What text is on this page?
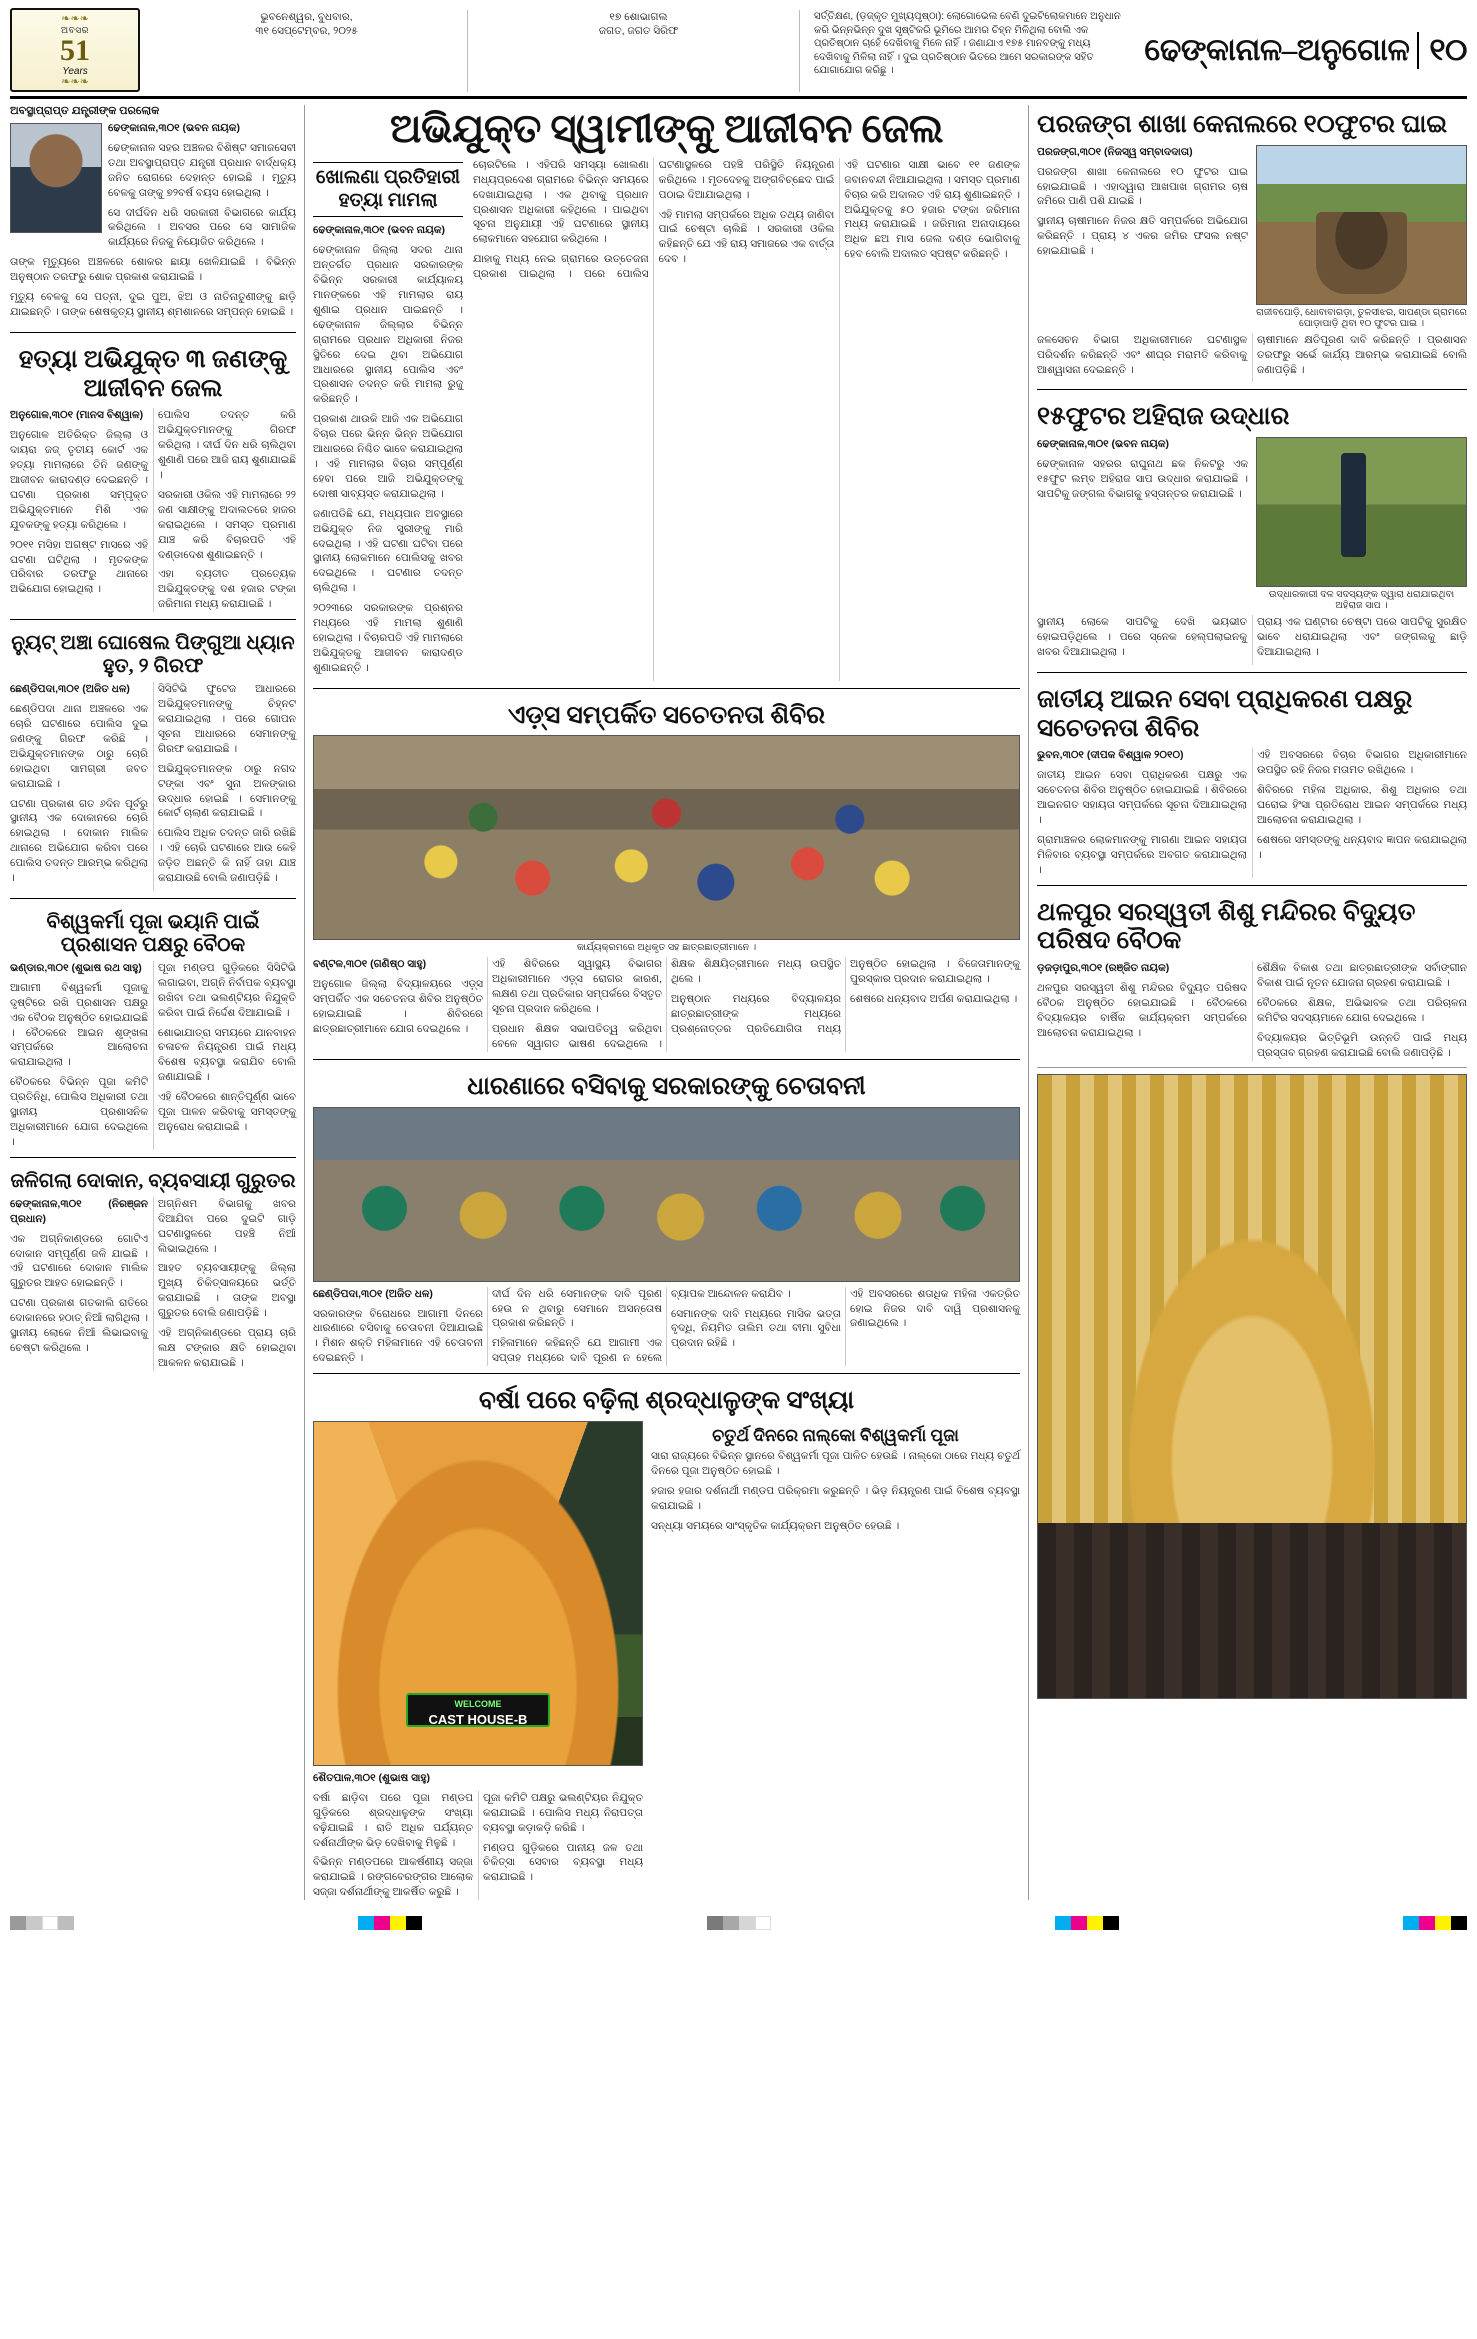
❧❧❧
ଅବସର
51
Years
❧❧❧
ଭୁବନେଶ୍ୱର, ବୁଧବାର,
୩୧ ସେପ୍ଟେମ୍ବର, ୨୦୨୫
୧୭ ଶୋଭାଗଲ
ଜଗତ, ଜଗତ ସିରିଫ
ସର୍ତ୍ତିକ୍ଷଣ, (ଡ଼ଜ୍‌କୃତ ମୁଖ୍ୟପୃଷ୍ଠା): ଲୋଗୋଭେଲ ବେଣି ଦୁଇଟିଲୋକମାନେ ଅନୁଧାନ କରି ଭିନ୍ନଭିନ୍ନ ଦୁଖ ସୃଷ୍ଟିକରି ଭୂମିରେ ଆମର ଚିହ୍ନ ମିଳିଥିଲା ବୋଲି ଏକ ପ୍ରତିଷ୍ଠାନ ଚାହେଁ ଦେଖିବାକୁ ମିଳେ ନାହିଁ । ଜଣାଯାଏ ୧୭୫ ମାନବଙ୍କୁ ମଧ୍ୟ ଦେଖିବାକୁ ମିଳିଲା ନାହିଁ । ଦୁଇ ପ୍ରତିଷ୍ଠାନ ଭିତରେ ଆମେ ସରକାରଙ୍କ ସହିତ ଯୋଗାଯୋଗ କରିଛୁ ।
ଢେଙ୍କାନାଳ–ଅନୁଗୋଳ ୧୦
ଅବସ୍ଥାପ୍ରାପ୍ତ ଯନ୍ତ୍ରୀଙ୍କ ପରଲୋକ
ଢେଙ୍କାନାଳ,୩୦୧ (ଭବନ ନାୟକ)
ଢେଙ୍କାନାଳ ସହର ଅଞ୍ଚଳର ବିଶିଷ୍ଟ ସମାଜସେବୀ ତଥା ଅବସ୍ଥାପ୍ରାପ୍ତ ଯନ୍ତ୍ରୀ ପ୍ରଧାନ ବାର୍ଦ୍ଧକ୍ୟ ଜନିତ ରୋଗରେ ଦେହାନ୍ତ ହୋଇଛି । ମୃତ୍ୟୁ ବେଳକୁ ତାଙ୍କୁ ୭୨ବର୍ଷ ବୟସ ହୋଇଥିଲା ।
ସେ ଦୀର୍ଘଦିନ ଧରି ସରକାରୀ ବିଭାଗରେ କାର୍ଯ୍ୟ କରିଥିଲେ । ଅବସର ପରେ ସେ ସାମାଜିକ କାର୍ଯ୍ୟରେ ନିଜକୁ ନିୟୋଜିତ କରିଥିଲେ ।
ତାଙ୍କ ମୃତ୍ୟୁରେ ଅଞ୍ଚଳରେ ଶୋକର ଛାୟା ଖେଳିଯାଇଛି । ବିଭିନ୍ନ ଅନୁଷ୍ଠାନ ତରଫରୁ ଶୋକ ପ୍ରକାଶ କରାଯାଇଛି ।
ମୃତ୍ୟୁ ବେଳକୁ ସେ ପତ୍ନୀ, ଦୁଇ ପୁଅ, ଝିଅ ଓ ନାତିନାତୁଣୀଙ୍କୁ ଛାଡ଼ି ଯାଇଛନ୍ତି । ତାଙ୍କ ଶେଷକୃତ୍ୟ ସ୍ଥାନୀୟ ଶ୍ମଶାନରେ ସମ୍ପନ୍ନ ହୋଇଛି ।
ହତ୍ୟା ଅଭିଯୁକ୍ତ ୩ ଜଣଙ୍କୁ ଆଜୀବନ ଜେଲ
ଅନୁଗୋଳ,୩୦୧ (ମାନସ ବିଶ୍ୱାଳ)
ଅନୁଗୋଳ ଅତିରିକ୍ତ ଜିଲ୍ଲା ଓ ଦାୟରା ଜଜ୍‌ ତୃତୀୟ କୋର୍ଟ ଏକ ହତ୍ୟା ମାମଲାରେ ତିନି ଜଣଙ୍କୁ ଆଜୀବନ କାରାଦଣ୍ଡ ଦେଇଛନ୍ତି । ଘଟଣା ପ୍ରକାଶ ସମ୍ପୃକ୍ତ ଅଭିଯୁକ୍ତମାନେ ମିଶି ଏକ ଯୁବକଙ୍କୁ ହତ୍ୟା କରିଥିଲେ ।
୨୦୧୧ ମସିହା ଅଗଷ୍ଟ ମାସରେ ଏହି ଘଟଣା ଘଟିଥିଲା । ମୃତକଙ୍କ ପରିବାର ତରଫରୁ ଥାନାରେ ଅଭିଯୋଗ ହୋଇଥିଲା ।
ପୋଲିସ ତଦନ୍ତ କରି ଅଭିଯୁକ୍ତମାନଙ୍କୁ ଗିରଫ କରିଥିଲା । ଦୀର୍ଘ ଦିନ ଧରି ଚାଲିଥିବା ଶୁଣାଣି ପରେ ଆଜି ରାୟ ଶୁଣାଯାଇଛି ।
ସରକାରୀ ଓକିଲ ଏହି ମାମଲାରେ ୨୨ ଜଣ ସାକ୍ଷୀଙ୍କୁ ଅଦାଲତରେ ହାଜର କରାଇଥିଲେ । ସମସ୍ତ ପ୍ରମାଣ ଯାଞ୍ଚ କରି ବିଚାରପତି ଏହି ଦଣ୍ଡାଦେଶ ଶୁଣାଇଛନ୍ତି ।
ଏହା ବ୍ୟତୀତ ପ୍ରତ୍ୟେକ ଅଭିଯୁକ୍ତଙ୍କୁ ଦଶ ହଜାର ଟଙ୍କା ଜରିମାନା ମଧ୍ୟ କରାଯାଇଛି ।
ନ୍ୟୁଟ୍ ଅଞ୍ଚା ଘୋଷେଲ ପିଙ୍ଗୁଆ ଧ୍ୟାନ ହୁତ, ୨ ଗିରଫ
ଛେଣ୍ଡିପଦା,୩୦୧ (ଅଜିତ ଧଳ)
ଛେଣ୍ଡିପଦା ଥାନା ଅଞ୍ଚଳରେ ଏକ ଚୋରି ଘଟଣାରେ ପୋଲିସ ଦୁଇ ଜଣଙ୍କୁ ଗିରଫ କରିଛି । ଅଭିଯୁକ୍ତମାନଙ୍କ ଠାରୁ ଚୋରି ହୋଇଥିବା ସାମଗ୍ରୀ ଜବତ କରାଯାଇଛି ।
ଘଟଣା ପ୍ରକାଶ ଗତ ୬ଦିନ ପୂର୍ବରୁ ସ୍ଥାନୀୟ ଏକ ଦୋକାନରେ ଚୋରି ହୋଇଥିଲା । ଦୋକାନ ମାଲିକ ଥାନାରେ ଅଭିଯୋଗ କରିବା ପରେ ପୋଲିସ ତଦନ୍ତ ଆରମ୍ଭ କରିଥିଲା ।
ସିସିଟିଭି ଫୁଟେଜ ଆଧାରରେ ଅଭିଯୁକ୍ତମାନଙ୍କୁ ଚିହ୍ନଟ କରାଯାଇଥିଲା । ପରେ ଗୋପନ ସୂଚନା ଆଧାରରେ ସେମାନଙ୍କୁ ଗିରଫ କରାଯାଇଛି ।
ଅଭିଯୁକ୍ତମାନଙ୍କ ଠାରୁ ନଗଦ ଟଙ୍କା ଏବଂ ସୁନା ଅଳଙ୍କାର ଉଦ୍ଧାର ହୋଇଛି । ସେମାନଙ୍କୁ କୋର୍ଟ ଚାଲାଣ କରାଯାଇଛି ।
ପୋଲିସ ଅଧିକ ତଦନ୍ତ ଜାରି ରଖିଛି । ଏହି ଚୋରି ଘଟଣାରେ ଆଉ କେହି ଜଡ଼ିତ ଅଛନ୍ତି କି ନାହିଁ ତାହା ଯାଞ୍ଚ କରାଯାଉଛି ବୋଲି ଜଣାପଡ଼ିଛି ।
ବିଶ୍ୱକର୍ମା ପୂଜା ଭୟାନି ପାଇଁ ପ୍ରଶାସନ ପକ୍ଷରୁ ବୈଠକ
ଭଣ୍ଡାର,୩୦୧ (ଶୁଭାଷ ରଥ ସାହୁ)
ଆଗାମୀ ବିଶ୍ୱକର୍ମା ପୂଜାକୁ ଦୃଷ୍ଟିରେ ରଖି ପ୍ରଶାସନ ପକ୍ଷରୁ ଏକ ବୈଠକ ଅନୁଷ୍ଠିତ ହୋଇଯାଇଛି । ବୈଠକରେ ଆଇନ ଶୃଙ୍ଖଳା ସମ୍ପର୍କରେ ଆଲୋଚନା କରାଯାଇଥିଲା ।
ବୈଠକରେ ବିଭିନ୍ନ ପୂଜା କମିଟି ପ୍ରତିନିଧି, ପୋଲିସ ଅଧିକାରୀ ତଥା ସ୍ଥାନୀୟ ପ୍ରଶାସନିକ ଅଧିକାରୀମାନେ ଯୋଗ ଦେଇଥିଲେ ।
ପୂଜା ମଣ୍ଡପ ଗୁଡ଼ିକରେ ସିସିଟିଭି ଲଗାଇବା, ଅଗ୍ନି ନିର୍ବାପକ ବ୍ୟବସ୍ଥା ରଖିବା ତଥା ଭଲଣ୍ଟିୟର ନିଯୁକ୍ତି କରିବା ପାଇଁ ନିର୍ଦ୍ଦେଶ ଦିଆଯାଇଛି ।
ଶୋଭାଯାତ୍ରା ସମୟରେ ଯାନବାହନ ଚଳାଚଳ ନିୟନ୍ତ୍ରଣ ପାଇଁ ମଧ୍ୟ ବିଶେଷ ବ୍ୟବସ୍ଥା କରାଯିବ ବୋଲି ଜଣାଯାଇଛି ।
ଏହି ବୈଠକରେ ଶାନ୍ତିପୂର୍ଣ୍ଣ ଭାବେ ପୂଜା ପାଳନ କରିବାକୁ ସମସ୍ତଙ୍କୁ ଅନୁରୋଧ କରାଯାଇଛି ।
ଜଳିଗଲା ଦୋକାନ, ବ୍ୟବସାୟୀ ଗୁରୁତର
ଢେଙ୍କାନାଳ,୩୦୧ (ନିରଞ୍ଜନ ପ୍ରଧାନ)
ଏକ ଅଗ୍ନିକାଣ୍ଡରେ ଗୋଟିଏ ଦୋକାନ ସମ୍ପୂର୍ଣ୍ଣ ଜଳି ଯାଇଛି । ଏହି ଘଟଣାରେ ଦୋକାନ ମାଲିକ ଗୁରୁତର ଆହତ ହୋଇଛନ୍ତି ।
ଘଟଣା ପ୍ରକାଶ ଗତକାଲି ରାତିରେ ଦୋକାନରେ ହଠାତ୍‌ ନିଆଁ ଲାଗିଥିଲା । ସ୍ଥାନୀୟ ଲୋକେ ନିଆଁ ଲିଭାଇବାକୁ ଚେଷ୍ଟା କରିଥିଲେ ।
ଅଗ୍ନିଶମ ବିଭାଗକୁ ଖବର ଦିଆଯିବା ପରେ ଦୁଇଟି ଗାଡ଼ି ଘଟଣାସ୍ଥଳରେ ପହଞ୍ଚି ନିଆଁ ଲିଭାଇଥିଲେ ।
ଆହତ ବ୍ୟବସାୟୀଙ୍କୁ ଜିଲ୍ଲା ମୁଖ୍ୟ ଚିକିତ୍ସାଳୟରେ ଭର୍ତ୍ତି କରାଯାଇଛି । ତାଙ୍କ ଅବସ୍ଥା ଗୁରୁତର ବୋଲି ଜଣାପଡ଼ିଛି ।
ଏହି ଅଗ୍ନିକାଣ୍ଡରେ ପ୍ରାୟ ଚାରି ଲକ୍ଷ ଟଙ୍କାର କ୍ଷତି ହୋଇଥିବା ଆକଳନ କରାଯାଇଛି ।
ଅଭିଯୁକ୍ତ ସ୍ୱାମୀଙ୍କୁ ଆଜୀବନ ଜେଲ
ଖୋଲଣା ପ୍ରତିହାରୀ ହତ୍ୟା ମାମଲା
ଢେଙ୍କାନାଳ,୩୦୧ (ଭବନ ନାୟକ)
ଢେଙ୍କାନାଳ ଜିଲ୍ଲା ସଦର ଥାନା ଅନ୍ତର୍ଗତ ପ୍ରଧାନ ସରକାରଙ୍କ ବିଭିନ୍ନ ସରକାରୀ କାର୍ଯ୍ୟାଳୟ ମାନଙ୍କରେ ଏହି ମାମଲାର ରାୟ ଶୁଣାଇ ପ୍ରଧାନ ପାଇଛନ୍ତି । ଢେଙ୍କାନାଳ ଜିଲ୍ଲାର ବିଭିନ୍ନ ଗ୍ରାମରେ ପ୍ରଧାନ ଅଧିକାରୀ ନିଜର ସ୍ଥିତିରେ ଦେଇ ଥିବା ଅଭିଯୋଗ ଆଧାରରେ ସ୍ଥାନୀୟ ପୋଲିସ ଏବଂ ପ୍ରଶାସନ ତଦନ୍ତ କରି ମାମଲା ରୁଜୁ କରିଛନ୍ତି ।
ପ୍ରକାଶ ଥାଉକି ଆଜି ଏକ ଅଭିଯୋଗ ବିଚାର ପରେ ଭିନ୍ନ ଭିନ୍ନ ଅଭିଯୋଗ ଆଧାରରେ ନିଶ୍ଚିତ ଭାବେ କରାଯାଇଥିଲା । ଏହି ମାମଲାର ବିଚାର ସମ୍ପୂର୍ଣ୍ଣ ହେବା ପରେ ଆଜି ଅଭିଯୁକ୍ତଙ୍କୁ ଦୋଷୀ ସାବ୍ୟସ୍ତ କରାଯାଇଥିଲା ।
ଜଣାପଡିଛି ଯେ, ମଧ୍ୟପାନ ଅବସ୍ଥାରେ ଅଭିଯୁକ୍ତ ନିଜ ସ୍ତ୍ରୀଙ୍କୁ ମାରି ଦେଇଥିଲା । ଏହି ଘଟଣା ଘଟିବା ପରେ ସ୍ଥାନୀୟ ଲୋକମାନେ ପୋଲିସକୁ ଖବର ଦେଇଥିଲେ । ଘଟଣାର ତଦନ୍ତ ଚାଲିଥିଲା ।
୨୦୨୩ରେ ସରକାରଙ୍କ ପ୍ରଶ୍ନର ମଧ୍ୟରେ ଏହି ମାମଲା ଶୁଣାଣି ହୋଇଥିଲା । ବିଚାରପତି ଏହି ମାମଲାରେ ଅଭିଯୁକ୍ତକୁ ଆଜୀବନ କାରାଦଣ୍ଡ ଶୁଣାଇଛନ୍ତି ।
ଚୋରଟିଲେ । ଏହିପରି ସମସ୍ୟା ଖୋଲଣା ମଧ୍ୟପ୍ରଦେଶ ଗ୍ରାମରେ ବିଭିନ୍ନ ସମୟରେ ଦେଖାଯାଇଥିଲା । ଏକ ଥିବାକୁ ପ୍ରଧାନ ପ୍ରଶାସନ ଅଧିକାରୀ କହିଥିଲେ । ପାଇଥିବା ସୂଚନା ଅନୁଯାୟୀ ଏହି ଘଟଣାରେ ସ୍ଥାନୀୟ ଲୋକମାନେ ସହଯୋଗ କରିଥିଲେ ।
ଯାହାକୁ ମଧ୍ୟ ନେଇ ଗ୍ରାମରେ ଉତ୍ତେଜନା ପ୍ରକାଶ ପାଇଥିଲା । ପରେ ପୋଲିସ ଘଟଣାସ୍ଥଳରେ ପହଞ୍ଚି ପରିସ୍ଥିତି ନିୟନ୍ତ୍ରଣ କରିଥିଲେ । ମୃତଦେହକୁ ଅଙ୍ଗବିଚ୍ଛେଦ ପାଇଁ ପଠାଇ ଦିଆଯାଇଥିଲା ।
ଏହି ମାମଲା ସମ୍ପର୍କରେ ଅଧିକ ତଥ୍ୟ ଜାଣିବା ପାଇଁ ଚେଷ୍ଟା ଚାଲିଛି । ସରକାରୀ ଓକିଲ କହିଛନ୍ତି ଯେ ଏହି ରାୟ ସମାଜରେ ଏକ ବାର୍ତ୍ତା ଦେବ ।
ଏହି ଘଟଣାର ସାକ୍ଷୀ ଭାବେ ୧୧ ଜଣଙ୍କ ଜବାନବନ୍ଦୀ ନିଆଯାଇଥିଲା । ସମସ୍ତ ପ୍ରମାଣ ବିଚାର କରି ଅଦାଲତ ଏହି ରାୟ ଶୁଣାଇଛନ୍ତି । ଅଭିଯୁକ୍ତକୁ ୫୦ ହଜାର ଟଙ୍କା ଜରିମାନା ମଧ୍ୟ କରାଯାଇଛି । ଜରିମାନା ଅନାଦାୟରେ ଅଧିକ ଛଅ ମାସ ଜେଲ ଦଣ୍ଡ ଭୋଗିବାକୁ ହେବ ବୋଲି ଅଦାଲତ ସ୍ପଷ୍ଟ କରିଛନ୍ତି ।
ଏଡ଼୍‌ସ ସମ୍ପର୍କିତ ସଚେତନତା ଶିବିର
କାର୍ଯ୍ୟକ୍ରମରେ ଅଧିକୃତ ସହ ଛାତ୍ରଛାତ୍ରୀମାନେ ।
ବଣ୍ଟଳ,୩୦୧ (ଗଣିଷ୍ଠ ସାହୁ)
ଅନୁଗୋଳ ଜିଲ୍ଲା ବିଦ୍ୟାଳୟରେ ଏଡ଼୍‌ସ ସମ୍ପର୍କିତ ଏକ ସଚେତନତା ଶିବିର ଅନୁଷ୍ଠିତ ହୋଇଯାଇଛି । ଶିବିରରେ ଛାତ୍ରଛାତ୍ରୀମାନେ ଯୋଗ ଦେଇଥିଲେ ।
ଏହି ଶିବିରରେ ସ୍ୱାସ୍ଥ୍ୟ ବିଭାଗର ଅଧିକାରୀମାନେ ଏଡ଼୍‌ସ ରୋଗର କାରଣ, ଲକ୍ଷଣ ତଥା ପ୍ରତିକାର ସମ୍ପର୍କରେ ବିସ୍ତୃତ ସୂଚନା ପ୍ରଦାନ କରିଥିଲେ ।
ପ୍ରଧାନ ଶିକ୍ଷକ ସଭାପତିତ୍ୱ କରିଥିବା ବେଳେ ସ୍ୱାଗତ ଭାଷଣ ଦେଇଥିଲେ । ଶିକ୍ଷକ ଶିକ୍ଷୟିତ୍ରୀମାନେ ମଧ୍ୟ ଉପସ୍ଥିତ ଥିଲେ ।
ଅନୁଷ୍ଠାନ ମଧ୍ୟରେ ବିଦ୍ୟାଳୟର ଛାତ୍ରଛାତ୍ରୀଙ୍କ ମଧ୍ୟରେ ପ୍ରଶ୍ନୋତ୍ତର ପ୍ରତିଯୋଗିତା ମଧ୍ୟ ଅନୁଷ୍ଠିତ ହୋଇଥିଲା । ବିଜେତାମାନଙ୍କୁ ପୁରସ୍କାର ପ୍ରଦାନ କରାଯାଇଥିଲା ।
ଶେଷରେ ଧନ୍ୟବାଦ ଅର୍ପଣ କରାଯାଇଥିଲା ।
ଧାରଣାରେ ବସିବାକୁ ସରକାରଙ୍କୁ ଚେତାବନୀ
ଛେଣ୍ଡିପଦା,୩୦୧ (ଅଜିତ ଧଳ)
ସରକାରଙ୍କ ବିରୋଧରେ ଆଗାମୀ ଦିନରେ ଧାରଣାରେ ବସିବାକୁ ଚେତାବନୀ ଦିଆଯାଇଛି । ମିଶନ ଶକ୍ତି ମହିଳାମାନେ ଏହି ଚେତାବନୀ ଦେଇଛନ୍ତି ।
ଦୀର୍ଘ ଦିନ ଧରି ସେମାନଙ୍କ ଦାବି ପୂରଣ ହେଉ ନ ଥିବାରୁ ସେମାନେ ଅସନ୍ତୋଷ ପ୍ରକାଶ କରିଛନ୍ତି ।
ମହିଳାମାନେ କହିଛନ୍ତି ଯେ ଆଗାମୀ ଏକ ସପ୍ତାହ ମଧ୍ୟରେ ଦାବି ପୂରଣ ନ ହେଲେ ବ୍ୟାପକ ଆନ୍ଦୋଳନ କରାଯିବ ।
ସେମାନଙ୍କ ଦାବି ମଧ୍ୟରେ ମାସିକ ଭତ୍ତା ବୃଦ୍ଧି, ନିୟମିତ ତାଲିମ ତଥା ବୀମା ସୁବିଧା ପ୍ରଦାନ ରହିଛି ।
ଏହି ଅବସରରେ ଶତାଧିକ ମହିଳା ଏକତ୍ରିତ ହୋଇ ନିଜର ଦାବି ଦାୱି ପ୍ରଶାସନକୁ ଜଣାଇଥିଲେ ।
ବର୍ଷା ପରେ ବଢ଼ିଲା ଶ୍ରଦ୍ଧାଳୁଙ୍କ ସଂଖ୍ୟା
WELCOME
CAST HOUSE-B
ଶୈତପାଳ,୩୦୧ (ଶୁଭାଷ ସାହୁ)
ବର୍ଷା ଛାଡ଼ିବା ପରେ ପୂଜା ମଣ୍ଡପ ଗୁଡ଼ିକରେ ଶ୍ରଦ୍ଧାଳୁଙ୍କ ସଂଖ୍ୟା ବଢ଼ିଯାଇଛି । ରାତି ଅଧିକ ପର୍ଯ୍ୟନ୍ତ ଦର୍ଶନାର୍ଥୀଙ୍କ ଭିଡ଼ ଦେଖିବାକୁ ମିଳୁଛି ।
ବିଭିନ୍ନ ମଣ୍ଡପରେ ଆକର୍ଷଣୀୟ ସଜ୍ଜା କରାଯାଇଛି । ରଙ୍ଗବେରଙ୍ଗର ଆଲୋକ ସଜ୍ଜା ଦର୍ଶନାର୍ଥୀଙ୍କୁ ଆକର୍ଷିତ କରୁଛି ।
ପୂଜା କମିଟି ପକ୍ଷରୁ ଭଲଣ୍ଟିୟର ନିଯୁକ୍ତ କରାଯାଇଛି । ପୋଲିସ ମଧ୍ୟ ନିରାପତ୍ତା ବ୍ୟବସ୍ଥା କଡ଼ାକଡ଼ି କରିଛି ।
ମଣ୍ଡପ ଗୁଡ଼ିକରେ ପାନୀୟ ଜଳ ତଥା ଚିକିତ୍ସା ସେବାର ବ୍ୟବସ୍ଥା ମଧ୍ୟ କରାଯାଇଛି ।
ଚତୁର୍ଥ ଦିନରେ ନାଲ୍‌କୋ ବିଶ୍ୱକର୍ମା ପୂଜା
ସାରା ରାଜ୍ୟରେ ବିଭିନ୍ନ ସ୍ଥାନରେ ବିଶ୍ୱକର୍ମା ପୂଜା ପାଳିତ ହେଉଛି । ନାଲ୍‌କୋ ଠାରେ ମଧ୍ୟ ଚତୁର୍ଥ ଦିନରେ ପୂଜା ଅନୁଷ୍ଠିତ ହୋଇଛି ।
ହଜାର ହଜାର ଦର୍ଶନାର୍ଥୀ ମଣ୍ଡପ ପରିକ୍ରମା କରୁଛନ୍ତି । ଭିଡ଼ ନିୟନ୍ତ୍ରଣ ପାଇଁ ବିଶେଷ ବ୍ୟବସ୍ଥା କରାଯାଇଛି ।
ସନ୍ଧ୍ୟା ସମୟରେ ସାଂସ୍କୃତିକ କାର୍ଯ୍ୟକ୍ରମ ଅନୁଷ୍ଠିତ ହେଉଛି ।
ପରଜଙ୍ଗ ଶାଖା କେନାଲରେ ୧୦ଫୁଟର ଘାଇ
ପରଜଙ୍ଗ,୩୦୧ (ନିଜସ୍ୱ ସମ୍ବାଦଦାତା)
ପରଜଙ୍ଗ ଶାଖା କେନାଲରେ ୧୦ ଫୁଟର ଘାଇ ହୋଇଯାଇଛି । ଏହାଦ୍ୱାରା ଆଖପାଖ ଗ୍ରାମର ଚାଷ ଜମିରେ ପାଣି ପଶି ଯାଇଛି ।
ସ୍ଥାନୀୟ ଚାଷୀମାନେ ନିଜର କ୍ଷତି ସମ୍ପର୍କରେ ଅଭିଯୋଗ କରିଛନ୍ତି । ପ୍ରାୟ ୪ ଏକର ଜମିର ଫସଲ ନଷ୍ଟ ହୋଇଯାଇଛି ।
ରାଜୀବପୋଡ଼ି, ଧୋବାବାଗଡ଼ା, ତୁଳସୀଝର, ସାପଣ୍ଡା ଗ୍ରାମରେ ପୋଡ଼ାପାଡ଼ି ଥିବା ୧୦ ଫୁଟର ଘାଇ ।
ଜଳସେଚନ ବିଭାଗ ଅଧିକାରୀମାନେ ଘଟଣାସ୍ଥଳ ପରିଦର୍ଶନ କରିଛନ୍ତି ଏବଂ ଶୀଘ୍ର ମରାମତି କରିବାକୁ ଆଶ୍ୱାସନା ଦେଇଛନ୍ତି ।
ଚାଷୀମାନେ କ୍ଷତିପୂରଣ ଦାବି କରିଛନ୍ତି । ପ୍ରଶାସନ ତରଫରୁ ସର୍ଭେ କାର୍ଯ୍ୟ ଆରମ୍ଭ କରାଯାଇଛି ବୋଲି ଜଣାପଡ଼ିଛି ।
୧୫ଫୁଟର ଅହିରାଜ ଉଦ୍ଧାର
ଢେଙ୍କାନାଳ,୩୦୧ (ଭବନ ନାୟକ)
ଢେଙ୍କାନାଳ ସହରର ରାଘୁନାଥ ଛକ ନିକଟରୁ ଏକ ୧୫ଫୁଟ ଲମ୍ବ ଅହିରାଜ ସାପ ଉଦ୍ଧାର କରାଯାଇଛି । ସାପଟିକୁ ଜଙ୍ଗଲ ବିଭାଗକୁ ହସ୍ତାନ୍ତର କରାଯାଇଛି ।
ଉଦ୍ଧାରକାରୀ ଦଳ ସଦସ୍ୟଙ୍କ ଦ୍ୱାରା ଧରାଯାଇଥିବା ଅହିରାଜ ସାପ ।
ସ୍ଥାନୀୟ ଲୋକେ ସାପଟିକୁ ଦେଖି ଭୟଭୀତ ହୋଇପଡ଼ିଥିଲେ । ପରେ ସ୍ନେକ ହେଲ୍ପଲାଇନକୁ ଖବର ଦିଆଯାଇଥିଲା ।
ପ୍ରାୟ ଏକ ଘଣ୍ଟାର ଚେଷ୍ଟା ପରେ ସାପଟିକୁ ସୁରକ୍ଷିତ ଭାବେ ଧରାଯାଇଥିଲା ଏବଂ ଜଙ୍ଗଲକୁ ଛାଡ଼ି ଦିଆଯାଇଥିଲା ।
ଜାତୀୟ ଆଇନ ସେବା ପ୍ରାଧିକରଣ ପକ୍ଷରୁ ସଚେତନତା ଶିବିର
ଭୁବନ,୩୦୧ (ଦୀପକ ବିଶ୍ୱାଳ ୨୦୧୦)
ଜାତୀୟ ଆଇନ ସେବା ପ୍ରାଧିକରଣ ପକ୍ଷରୁ ଏକ ସଚେତନତା ଶିବିର ଅନୁଷ୍ଠିତ ହୋଇଯାଇଛି । ଶିବିରରେ ଆଇନଗତ ସହାୟତା ସମ୍ପର୍କରେ ସୂଚନା ଦିଆଯାଇଥିଲା ।
ଗ୍ରାମାଞ୍ଚଳର ଲୋକମାନଙ୍କୁ ମାଗଣା ଆଇନ ସହାୟତା ମିଳିବାର ବ୍ୟବସ୍ଥା ସମ୍ପର୍କରେ ଅବଗତ କରାଯାଇଥିଲା ।
ଏହି ଅବସରରେ ବିଚାର ବିଭାଗର ଅଧିକାରୀମାନେ ଉପସ୍ଥିତ ରହି ନିଜର ମତାମତ ରଖିଥିଲେ ।
ଶିବିରରେ ମହିଳା ଅଧିକାର, ଶିଶୁ ଅଧିକାର ତଥା ଘରୋଇ ହିଂସା ପ୍ରତିରୋଧ ଆଇନ ସମ୍ପର୍କରେ ମଧ୍ୟ ଆଲୋଚନା କରାଯାଇଥିଲା ।
ଶେଷରେ ସମସ୍ତଙ୍କୁ ଧନ୍ୟବାଦ ଜ୍ଞାପନ କରାଯାଇଥିଲା ।
ଥଳପୁର ସରସ୍ୱତୀ ଶିଶୁ ମନ୍ଦିରର ବିଦ୍ୟୁତ ପରିଷଦ ବୈଠକ
ଡ଼ଜଡ଼ାପୁର,୩୦୧ (ରଞ୍ଜିତ ନାୟକ)
ଥଳପୁର ସରସ୍ୱତୀ ଶିଶୁ ମନ୍ଦିରର ବିଦ୍ୟୁତ ପରିଷଦ ବୈଠକ ଅନୁଷ୍ଠିତ ହୋଇଯାଇଛି । ବୈଠକରେ ବିଦ୍ୟାଳୟର ବାର୍ଷିକ କାର୍ଯ୍ୟକ୍ରମ ସମ୍ପର୍କରେ ଆଲୋଚନା କରାଯାଇଥିଲା ।
ଶୈକ୍ଷିକ ବିକାଶ ତଥା ଛାତ୍ରଛାତ୍ରୀଙ୍କ ସର୍ବାଙ୍ଗୀନ ବିକାଶ ପାଇଁ ନୂତନ ଯୋଜନା ଗ୍ରହଣ କରାଯାଇଛି ।
ବୈଠକରେ ଶିକ୍ଷକ, ଅଭିଭାବକ ତଥା ପରିଚାଳନା କମିଟିର ସଦସ୍ୟମାନେ ଯୋଗ ଦେଇଥିଲେ ।
ବିଦ୍ୟାଳୟର ଭିତ୍ତିଭୂମି ଉନ୍ନତି ପାଇଁ ମଧ୍ୟ ପ୍ରସ୍ତାବ ଗ୍ରହଣ କରାଯାଇଛି ବୋଲି ଜଣାପଡ଼ିଛି ।
